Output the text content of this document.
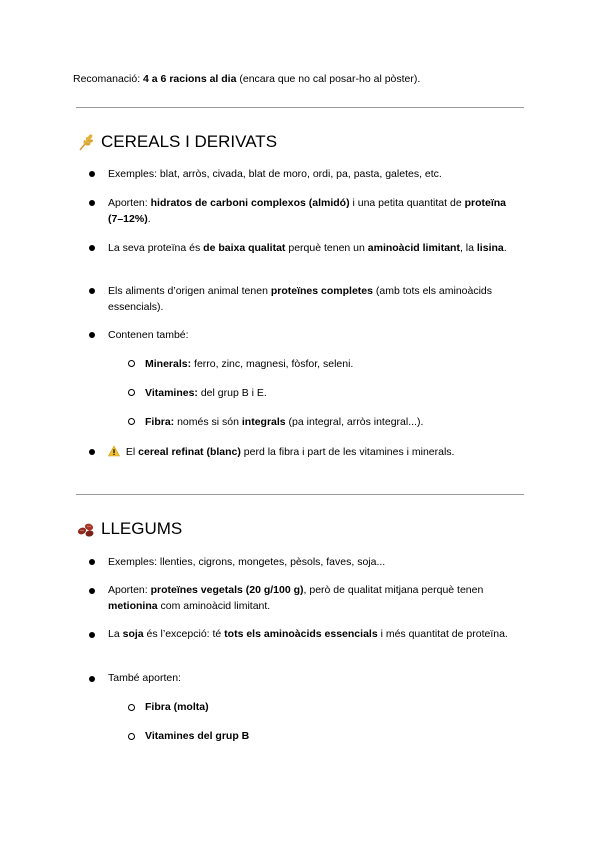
Recomanació: 4 a 6 racions al dia (encara que no cal posar-ho al pòster).
CEREALS I DERIVATS
Exemples: blat, arròs, civada, blat de moro, ordi, pa, pasta, galetes, etc.
Aporten: hidratos de carboni complexos (almidó) i una petita quantitat de proteïna (7–12%).
La seva proteïna és de baixa qualitat perquè tenen un aminoàcid limitant, la lisina.
Els aliments d’origen animal tenen proteïnes completes (amb tots els aminoàcids essencials).
Contenen també:
Minerals: ferro, zinc, magnesi, fòsfor, seleni.
Vitamines: del grup B i E.
Fibra: només si són integrals (pa integral, arròs integral...).
El cereal refinat (blanc) perd la fibra i part de les vitamines i minerals.
LLEGUMS
Exemples: llenties, cigrons, mongetes, pèsols, faves, soja...
Aporten: proteïnes vegetals (20 g/100 g), però de qualitat mitjana perquè tenen metionina com aminoàcid limitant.
La soja és l’excepció: té tots els aminoàcids essencials i més quantitat de proteïna.
També aporten:
Fibra (molta)
Vitamines del grup B
